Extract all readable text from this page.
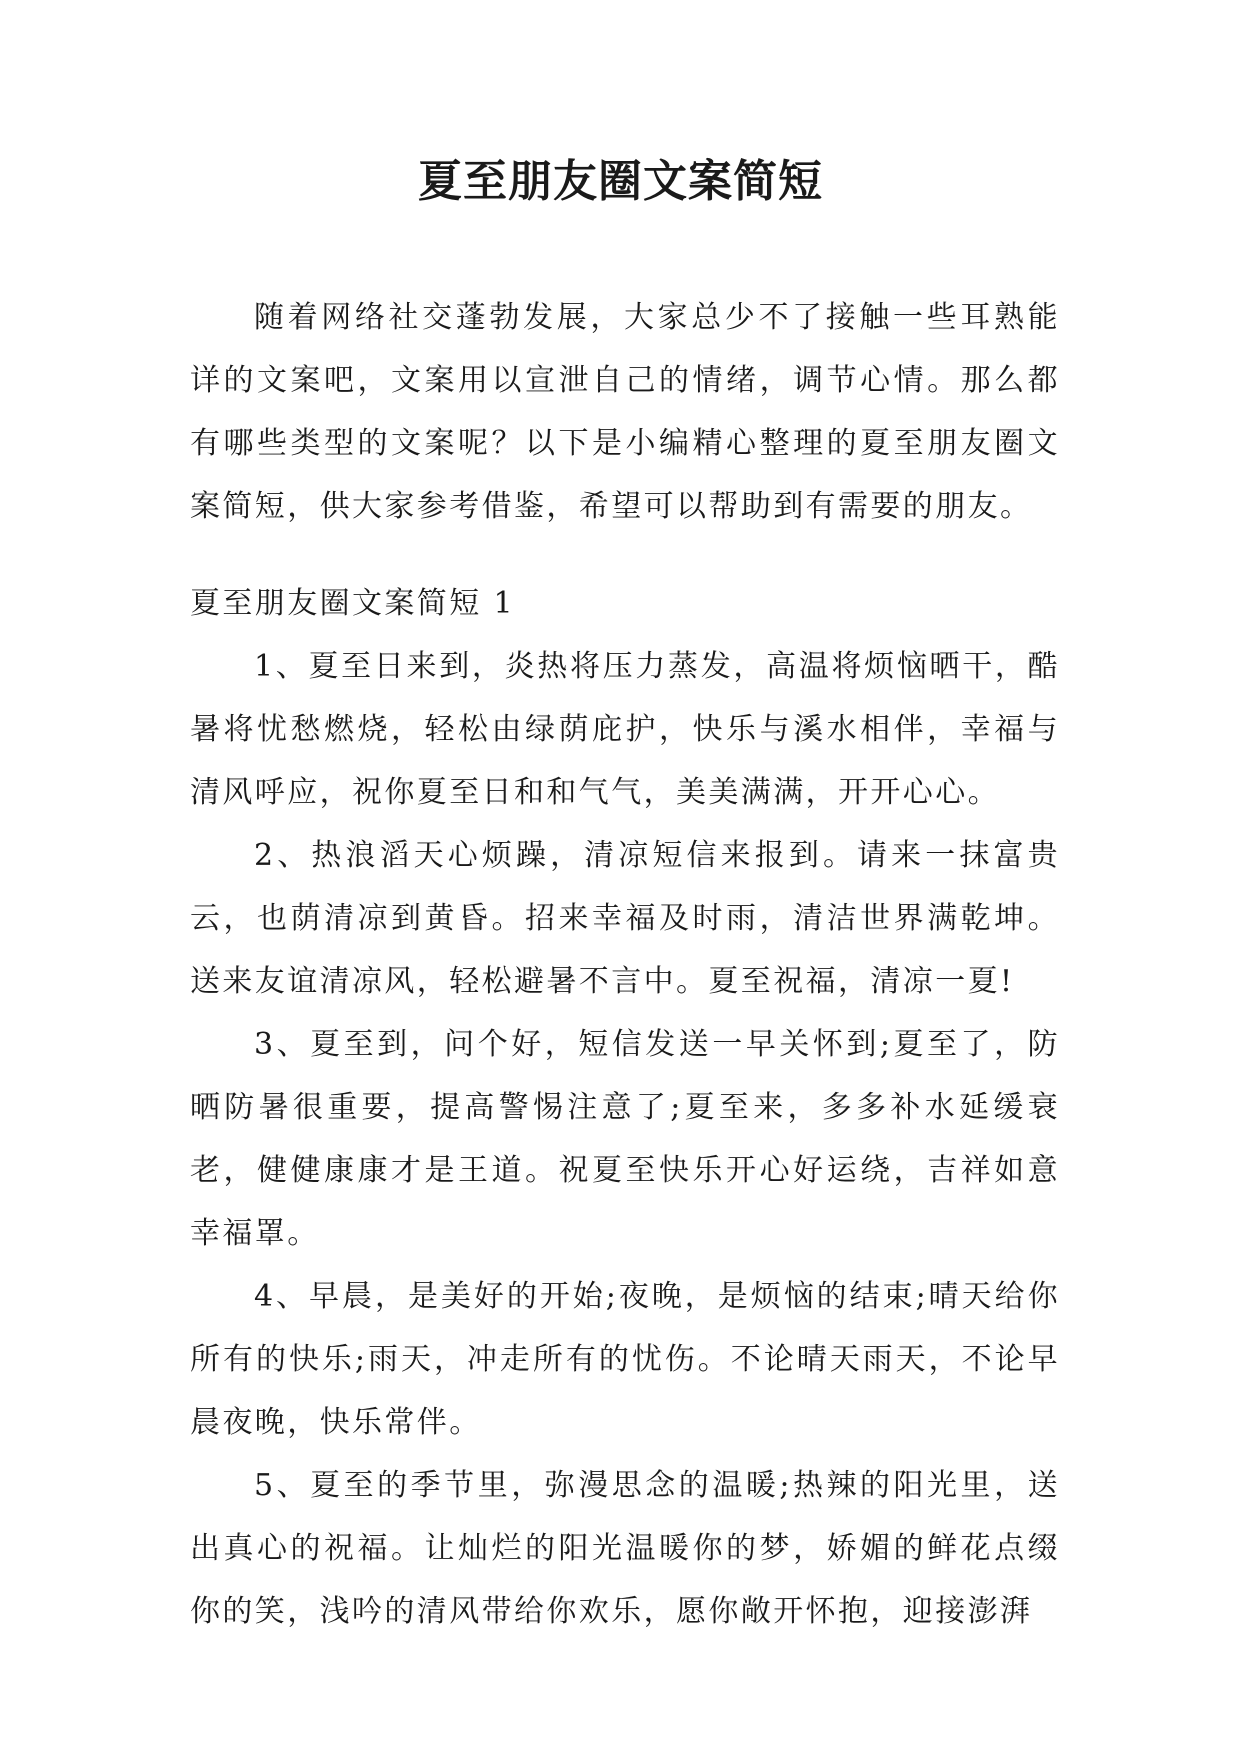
夏至朋友圈文案简短

随着网络社交蓬勃发展，大家总少不了接触一些耳熟能详的文案吧，文案用以宣泄自己的情绪，调节心情。那么都有哪些类型的文案呢？以下是小编精心整理的夏至朋友圈文案简短，供大家参考借鉴，希望可以帮助到有需要的朋友。

夏至朋友圈文案简短 1

1、夏至日来到，炎热将压力蒸发，高温将烦恼晒干，酷暑将忧愁燃烧，轻松由绿荫庇护，快乐与溪水相伴，幸福与清风呼应，祝你夏至日和和气气，美美满满，开开心心。

2、热浪滔天心烦躁，清凉短信来报到。请来一抹富贵云，也荫清凉到黄昏。招来幸福及时雨，清洁世界满乾坤。送来友谊清凉风，轻松避暑不言中。夏至祝福，清凉一夏!

3、夏至到，问个好，短信发送一早关怀到;夏至了，防晒防暑很重要，提高警惕注意了;夏至来，多多补水延缓衰老，健健康康才是王道。祝夏至快乐开心好运绕，吉祥如意幸福罩。

4、早晨，是美好的开始;夜晚，是烦恼的结束;晴天给你所有的快乐;雨天，冲走所有的忧伤。不论晴天雨天，不论早晨夜晚，快乐常伴。

5、夏至的季节里，弥漫思念的温暖;热辣的阳光里，送出真心的祝福。让灿烂的阳光温暖你的梦，娇媚的鲜花点缀你的笑，浅吟的清风带给你欢乐，愿你敞开怀抱，迎接澎湃
